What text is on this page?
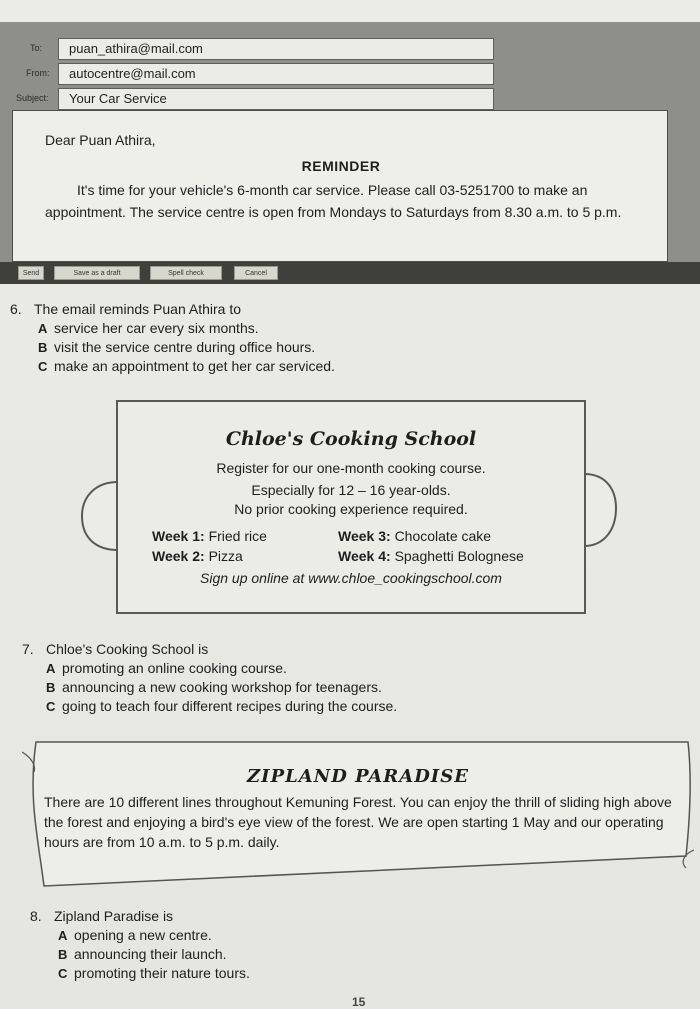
To:	puan_athira@mail.com
From:	autocentre@mail.com
Subject:	Your Car Service
Dear Puan Athira,
REMINDER
It's time for your vehicle's 6-month car service. Please call 03-5251700 to make an appointment. The service centre is open from Mondays to Saturdays from 8.30 a.m. to 5 p.m.
Send	Save as a draft	Spell check	Cancel
6. The email reminds Puan Athira to
A service her car every six months.
B visit the service centre during office hours.
C make an appointment to get her car serviced.
Chloe's Cooking School
Register for our one-month cooking course.
Especially for 12 – 16 year-olds.
No prior cooking experience required.
Sign up online at www.chloe_cookingschool.com
Week 1: Fried rice
Week 2: Pizza
Week 3: Chocolate cake
Week 4: Spaghetti Bolognese
7. Chloe's Cooking School is
A promoting an online cooking course.
B announcing a new cooking workshop for teenagers.
C going to teach four different recipes during the course.
ZIPLAND PARADISE
There are 10 different lines throughout Kemuning Forest. You can enjoy the thrill of sliding high above the forest and enjoying a bird's eye view of the forest. We are open starting 1 May and our operating hours are from 10 a.m. to 5 p.m. daily.
8. Zipland Paradise is
A opening a new centre.
B announcing their launch.
C promoting their nature tours.
15
